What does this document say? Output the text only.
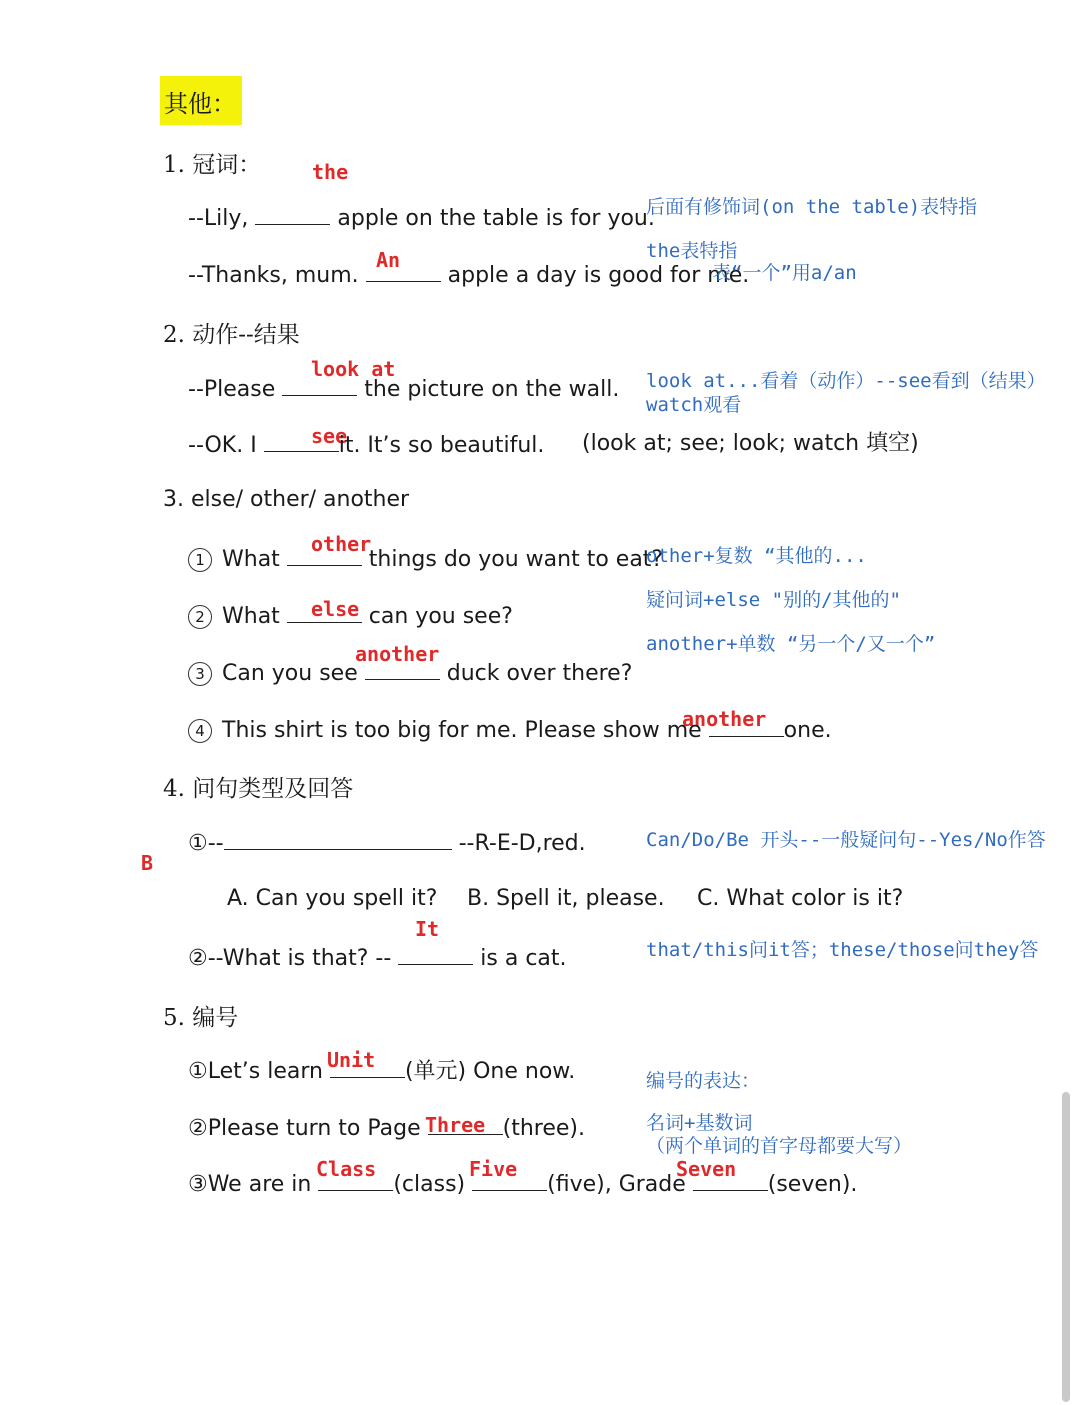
其他：
1. 冠词：	the
--Lily,	apple on the table is for you.
后面有修饰词(on the table)表特指
the表特指
An
--Thanks, mum.	apple a day is good for me.
表“一个”用a/an
2. 动作--结果
look at
--Please	the picture on the wall. look at...看着（动作）--see看到（结果）
watch观看
see
--OK. I	it. It’s so beautiful. (look at; see; look; watch 填空)
3. else/ other/ another
other
1 What	things do you want to eat?
other+复数 “其他的...
else
2 What	can you see?
疑问词+else "别的/其他的"
another+单数 “另一个/又一个”
another
3 Can you see	duck over there?
another
4 This shirt is too big for me. Please show me	one.
4. 问句类型及回答
①--	--R-E-D,red.	Can/Do/Be 开头--一般疑问句--Yes/No作答
B
A. Can you spell it? B. Spell it, please. C. What color is it?
It
②--What is that? --	is a cat.	that/this问it答；these/those问they答
5. 编号
Unit
①Let’s learn	(单元) One now.	编号的表达：
Three
②Please turn to Page	(three).	名词+基数词
（两个单词的首字母都要大写）
Class	Five	Seven
③We are in	(class)	(five), Grade	(seven).
